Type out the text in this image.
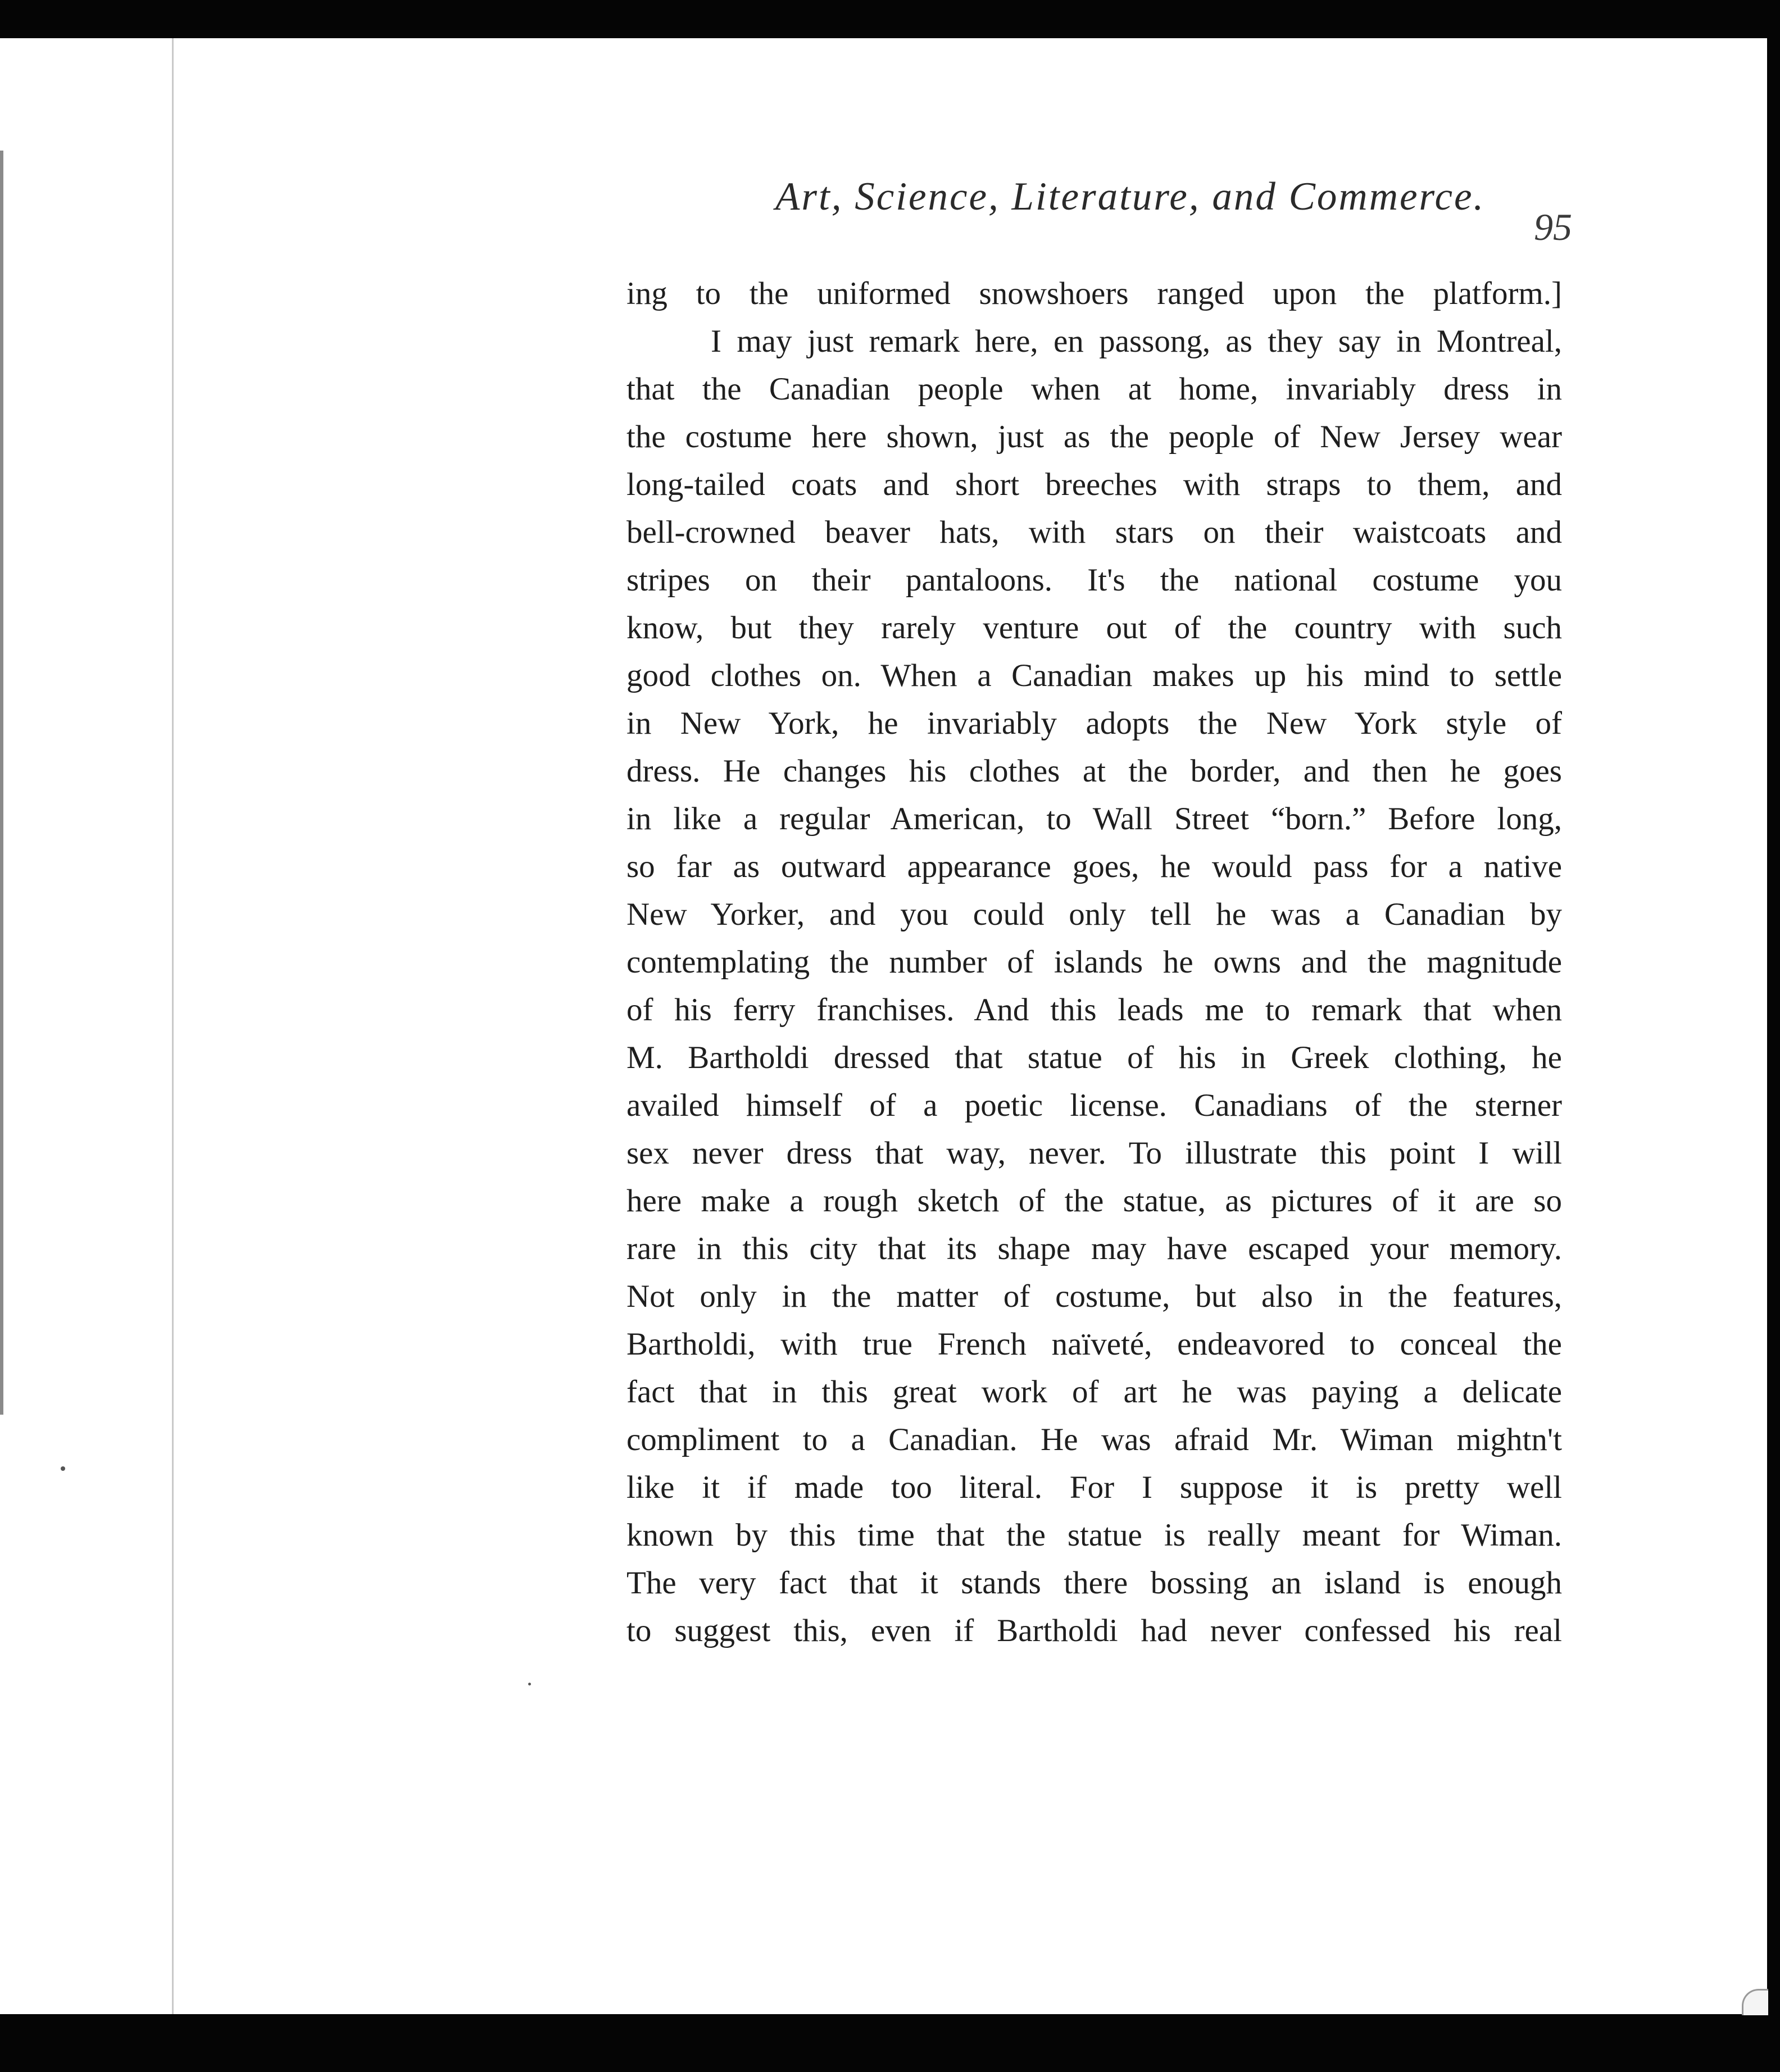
Art, Science, Literature, and Commerce.
95
ing to the uniformed snowshoers ranged upon the platform.]
I may just remark here, en passong, as they say in Montreal,
that the Canadian people when at home, invariably dress in
the costume here shown, just as the people of New Jersey wear
long-tailed coats and short breeches with straps to them, and
bell-crowned beaver hats, with stars on their waistcoats and
stripes on their pantaloons. It's the national costume you
know, but they rarely venture out of the country with such
good clothes on. When a Canadian makes up his mind to settle
in New York, he invariably adopts the New York style of
dress. He changes his clothes at the border, and then he goes
in like a regular American, to Wall Street “born.” Before long,
so far as outward appearance goes, he would pass for a native
New Yorker, and you could only tell he was a Canadian by
contemplating the number of islands he owns and the magnitude
of his ferry franchises. And this leads me to remark that when
M. Bartholdi dressed that statue of his in Greek clothing, he
availed himself of a poetic license. Canadians of the sterner
sex never dress that way, never. To illustrate this point I will
here make a rough sketch of the statue, as pictures of it are so
rare in this city that its shape may have escaped your memory.
Not only in the matter of costume, but also in the features,
Bartholdi, with true French naïveté, endeavored to conceal the
fact that in this great work of art he was paying a delicate
compliment to a Canadian. He was afraid Mr. Wiman mightn't
like it if made too literal. For I suppose it is pretty well
known by this time that the statue is really meant for Wiman.
The very fact that it stands there bossing an island is enough
to suggest this, even if Bartholdi had never confessed his real
